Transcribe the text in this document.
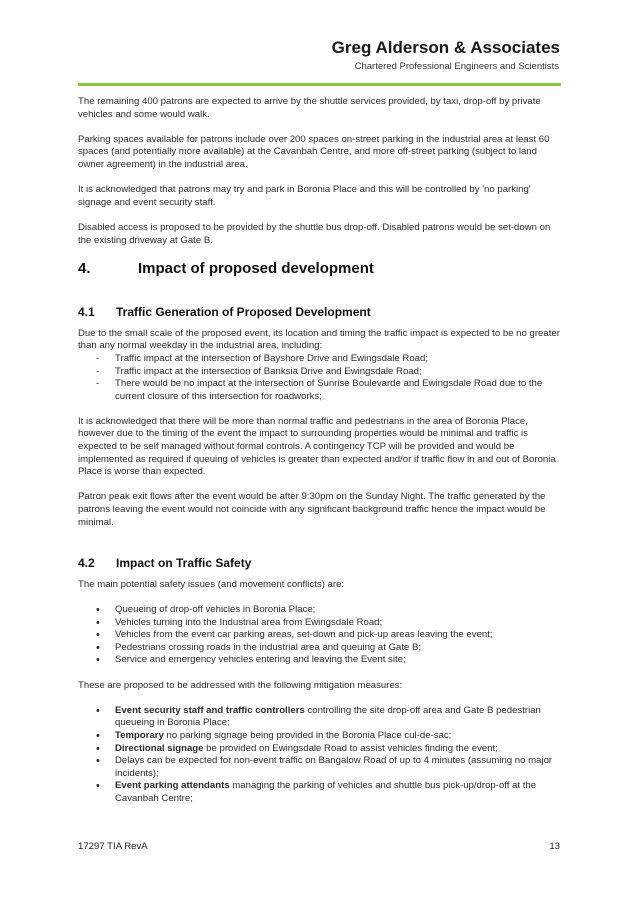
Greg Alderson & Associates
Chartered Professional Engineers and Scientists

The remaining 400 patrons are expected to arrive by the shuttle services provided, by taxi, drop-off by private vehicles and some would walk.

Parking spaces available for patrons include over 200 spaces on-street parking in the industrial area at least 60 spaces (and potentially more available) at the Cavanbah Centre, and more off-street parking (subject to land owner agreement) in the industrial area.

It is acknowledged that patrons may try and park in Boronia Place and this will be controlled by 'no parking' signage and event security staff.

Disabled access is proposed to be provided by the shuttle bus drop-off. Disabled patrons would be set-down on the existing driveway at Gate B.

4.	Impact of proposed development
4.1	Traffic Generation of Proposed Development

Due to the small scale of the proposed event, its location and timing the traffic impact is expected to be no greater than any normal weekday in the industrial area, including:

- Traffic impact at the intersection of Bayshore Drive and Ewingsdale Road;
- Traffic impact at the intersection of Banksia Drive and Ewingsdale Road;
- There would be no impact at the intersection of Sunrise Boulevarde and Ewingsdale Road due to the current closure of this intersection for roadworks;

It is acknowledged that there will be more than normal traffic and pedestrians in the area of Boronia Place, however due to the timing of the event the impact to surrounding properties would be minimal and traffic is expected to be self managed without formal controls. A contingency TCP will be provided and would be implemented as required if queuing of vehicles is greater than expected and/or if traffic flow in and out of Boronia Place is worse than expected.

Patron peak exit flows after the event would be after 9:30pm on the Sunday Night. The traffic generated by the patrons leaving the event would not coincide with any significant background traffic hence the impact would be minimal.

4.2	Impact on Traffic Safety

The main potential safety issues (and movement conflicts) are:

• Queueing of drop-off vehicles in Boronia Place;
• Vehicles turning into the Industrial area from Ewingsdale Road;
• Vehicles from the event car parking areas, set-down and pick-up areas leaving the event;
• Pedestrians crossing roads in the industrial area and queuing at Gate B;
• Service and emergency vehicles entering and leaving the Event site;

These are proposed to be addressed with the following mitigation measures:

• Event security staff and traffic controllers controlling the site drop-off area and Gate B pedestrian queueing in Boronia Place;
• Temporary no parking signage being provided in the Boronia Place cul-de-sac;
• Directional signage be provided on Ewingsdale Road to assist vehicles finding the event;
• Delays can be expected for non-event traffic on Bangalow Road of up to 4 minutes (assuming no major incidents);
• Event parking attendants managing the parking of vehicles and shuttle bus pick-up/drop-off at the Cavanbah Centre;
17297 TIA RevA	13
